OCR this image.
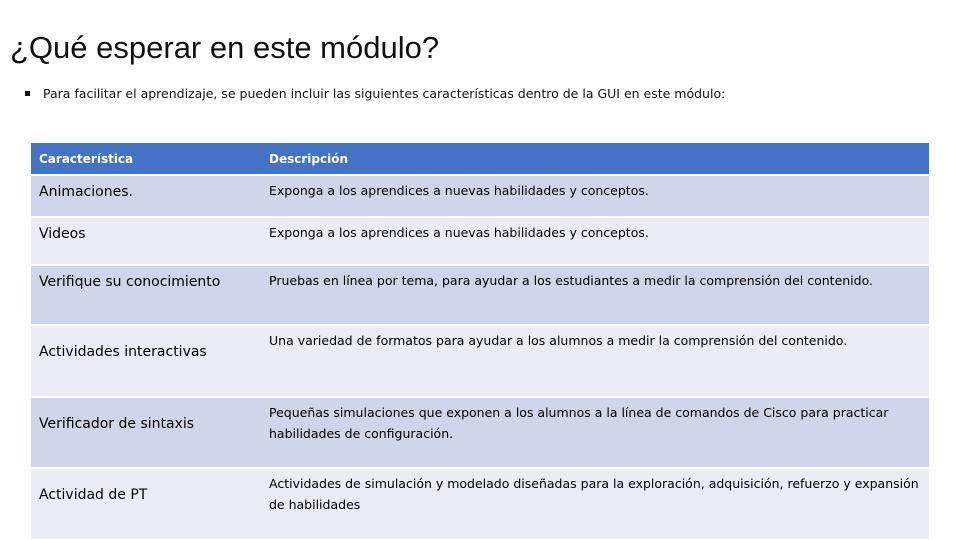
¿Qué esperar en este módulo?
Para facilitar el aprendizaje, se pueden incluir las siguientes características dentro de la GUI en este módulo:
Característica	Descripción
Animaciones.	Exponga a los aprendices a nuevas habilidades y conceptos.
Videos	Exponga a los aprendices a nuevas habilidades y conceptos.
Verifique su conocimiento	Pruebas en línea por tema, para ayudar a los estudiantes a medir la comprensión del contenido.
Actividades interactivas	Una variedad de formatos para ayudar a los alumnos a medir la comprensión del contenido.
Verificador de sintaxis	Pequeñas simulaciones que exponen a los alumnos a la línea de comandos de Cisco para practicar habilidades de configuración.
Actividad de PT	Actividades de simulación y modelado diseñadas para la exploración, adquisición, refuerzo y expansión de habilidades
